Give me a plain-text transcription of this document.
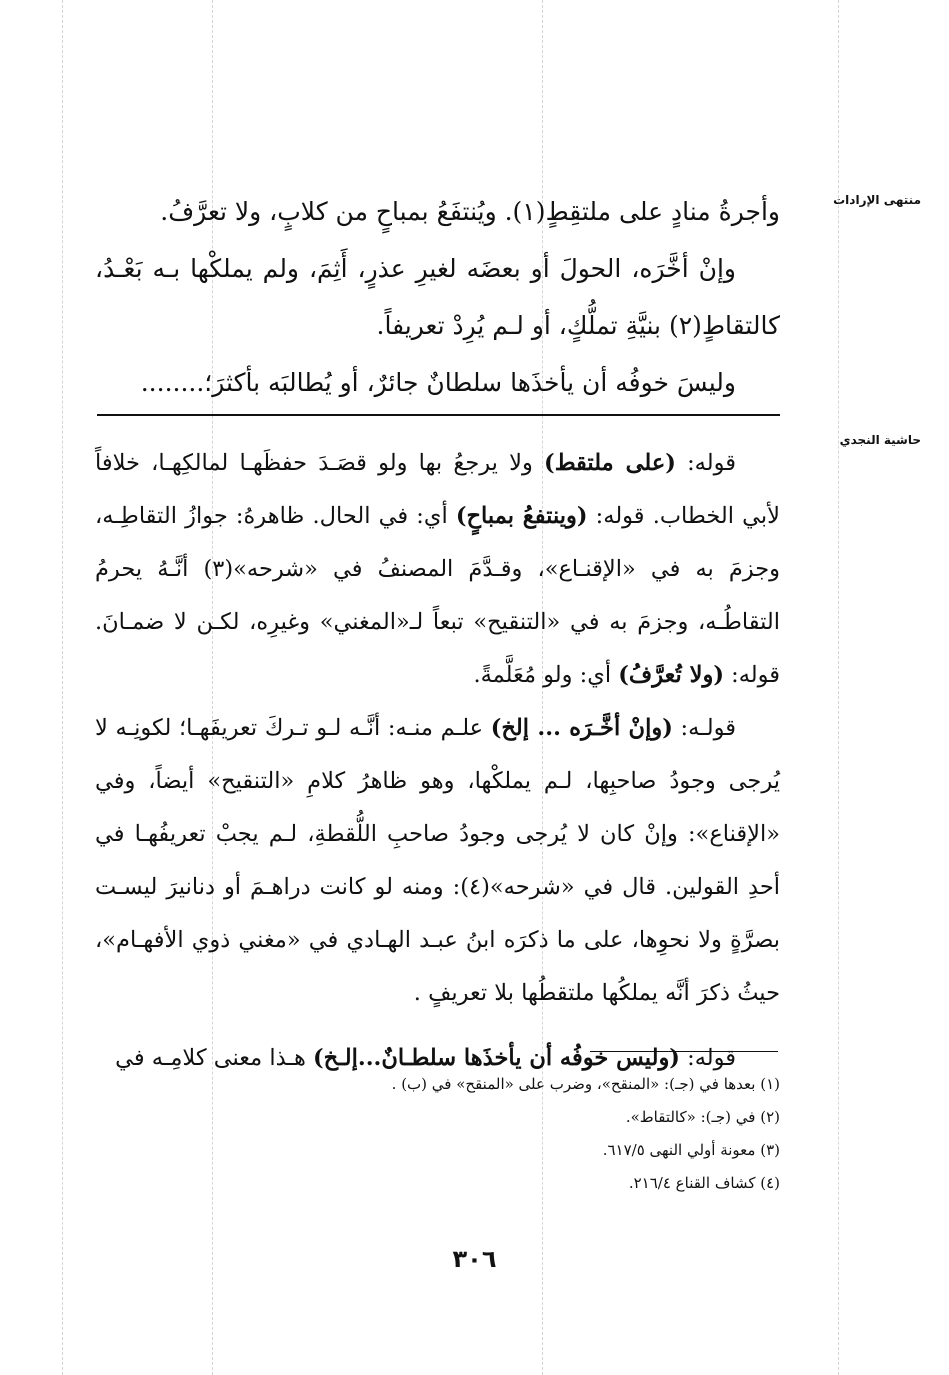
منتهى الإرادات
حاشية النجدي

وأجرةُ منادٍ على ملتقِطٍ(١). ويُنتفَعُ بمباحٍ من كلابٍ، ولا تعرَّفُ.

وإنْ أخَّرَه، الحولَ أو بعضَه لغيرِ عذرٍ، أَثِمَ، ولم يملكْها بـه بَعْـدُ، كالتقاطٍ(٢) بنيَّةِ تملُّكٍ، أو لـم يُرِدْ تعريفاً.

وليسَ خوفُه أن يأخذَها سلطانٌ جائرٌ، أو يُطالبَه بأكثرَ؛........

قوله: (على ملتقط) ولا يرجعُ بها ولو قصَـدَ حفظَهـا لمالكِهـا، خلافاً لأبي الخطاب. قوله: (وينتفعُ بمباحٍ) أي: في الحال. ظاهرهُ: جوازُ التقاطِـه، وجزمَ به في «الإقنـاع»، وقـدَّمَ المصنفُ في «شرحه»(٣) أنَّـهُ يحرمُ التقاطُـه، وجزمَ به في «التنقيح» تبعاً لـ«المغني» وغيرِه، لكـن لا ضمـانَ. قوله: (ولا تُعرَّفُ) أي: ولو مُعَلَّمةً.

قولـه: (وإنْ أخَّـرَه ... إلخ) علـم منـه: أنَّـه لـو تـركَ تعريفَهـا؛ لكونِـه لا يُرجى وجودُ صاحبِها، لـم يملكْها، وهو ظاهرُ كلامِ «التنقيح» أيضاً، وفي «الإقناع»: وإنْ كان لا يُرجى وجودُ صاحبِ اللُّقطةِ، لـم يجبْ تعريفُهـا في أحدِ القولين. قال في «شرحه»(٤): ومنه لو كانت دراهـمَ أو دنانيرَ ليسـت بصرَّةٍ ولا نحوِها، على ما ذكرَه ابنُ عبـد الهـادي في «مغني ذوي الأفهـام»، حيثُ ذكرَ أنَّه يملكُها ملتقطُها بلا تعريفٍ .

قوله: (وليس خوفُه أن يأخذَها سلطـانٌ...إلـخ) هـذا معنى كلامِـه في

(١) بعدها في (جـ): «المنقح»، وضرب على «المنقح» في (ب) .

(٢) في (جـ): «كالتقاط».

(٣) معونة أولي النهى ٦١٧/٥.

(٤) كشاف القناع ٢١٦/٤.

٣٠٦
